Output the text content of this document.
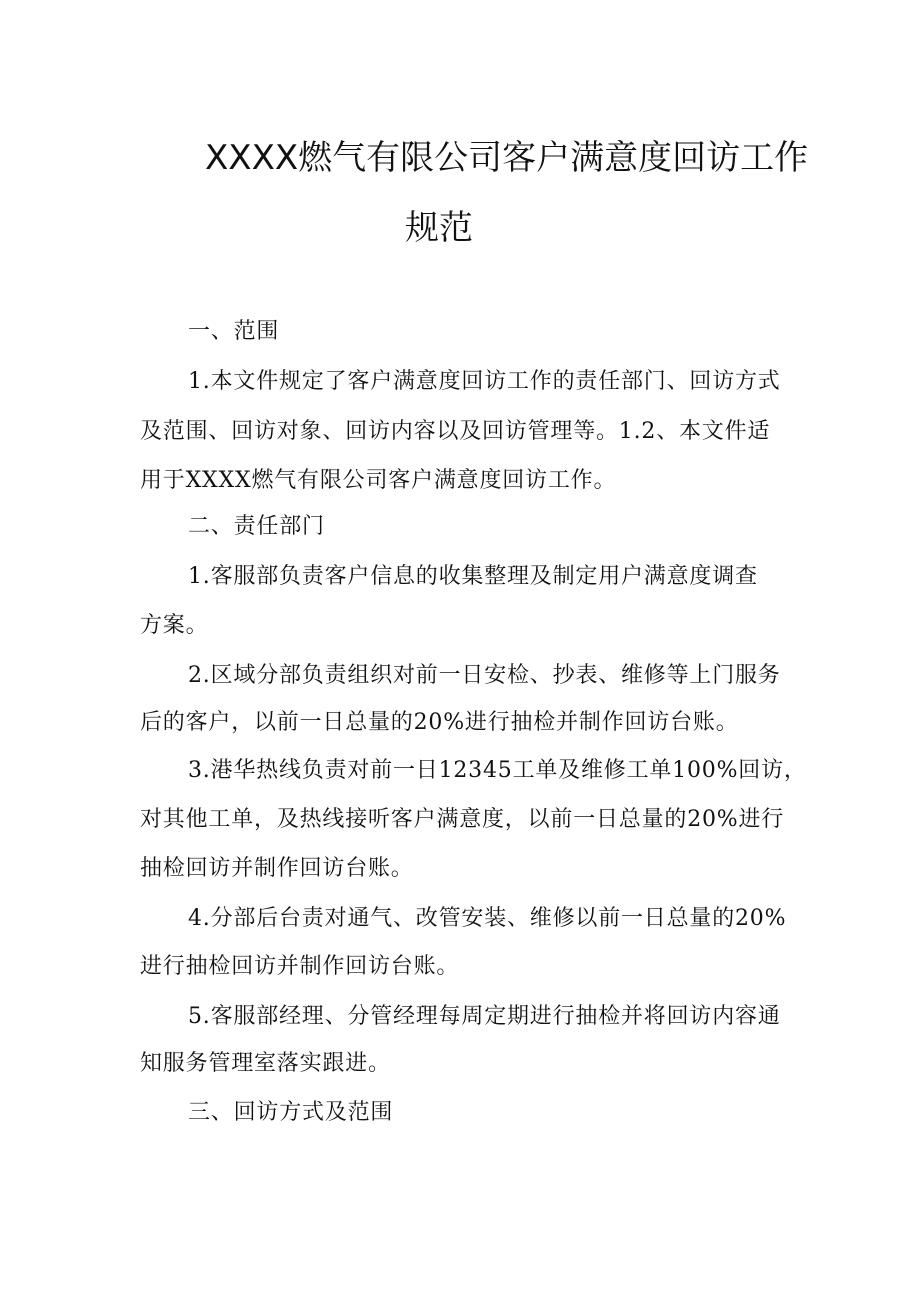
XXXX燃气有限公司客户满意度回访工作
规范
一、范围
1.本文件规定了客户满意度回访工作的责任部门、回访方式
及范围、回访对象、回访内容以及回访管理等。1.2、本文件适
用于XXXX燃气有限公司客户满意度回访工作。
二、责任部门
1.客服部负责客户信息的收集整理及制定用户满意度调查
方案。
2.区域分部负责组织对前一日安检、抄表、维修等上门服务
后的客户，以前一日总量的20%进行抽检并制作回访台账。
3.港华热线负责对前一日12345工单及维修工单100%回访，
对其他工单，及热线接听客户满意度，以前一日总量的20%进行
抽检回访并制作回访台账。
4.分部后台责对通气、改管安装、维修以前一日总量的20%
进行抽检回访并制作回访台账。
5.客服部经理、分管经理每周定期进行抽检并将回访内容通
知服务管理室落实跟进。
三、回访方式及范围
